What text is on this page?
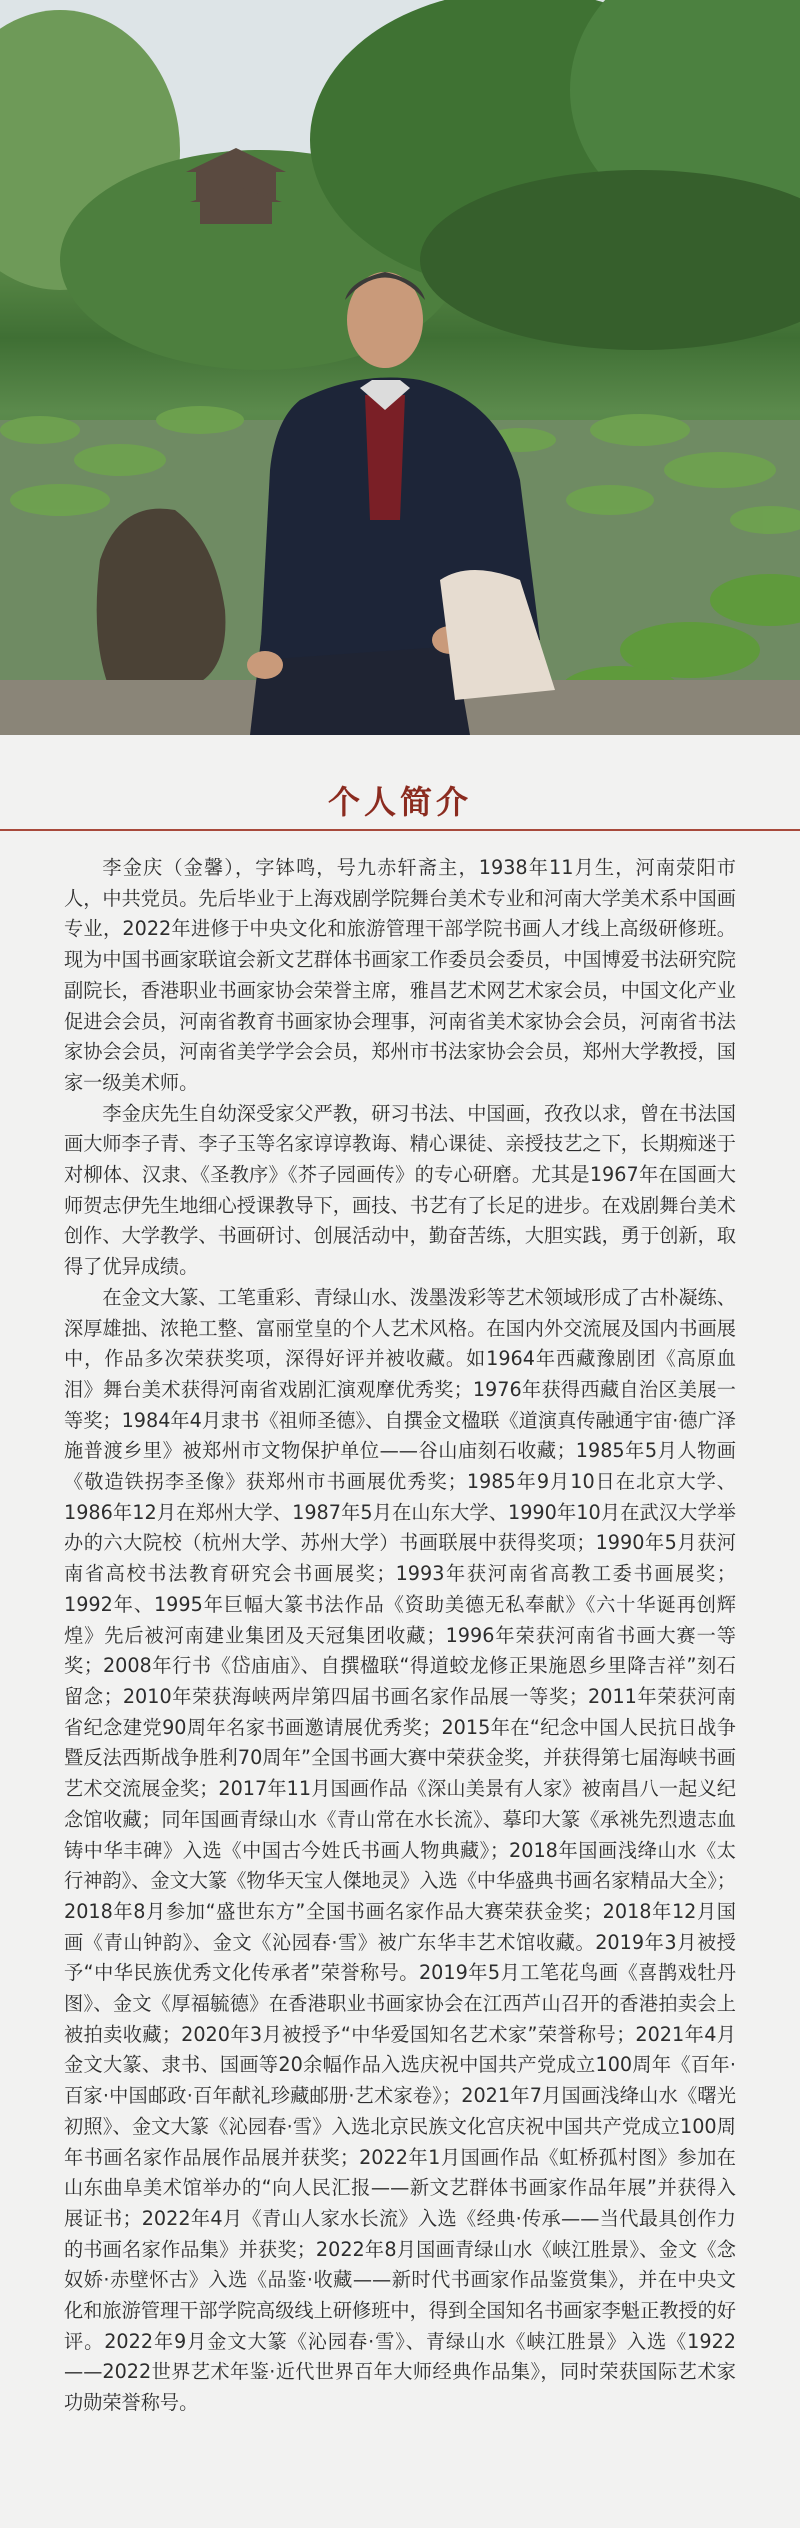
个人简介

李金庆（金馨），字钵鸣，号九赤轩斋主，1938年11月生，河南荥阳市人，中共党员。先后毕业于上海戏剧学院舞台美术专业和河南大学美术系中国画专业，2022年进修于中央文化和旅游管理干部学院书画人才线上高级研修班。现为中国书画家联谊会新文艺群体书画家工作委员会委员，中国博爱书法研究院副院长，香港职业书画家协会荣誉主席，雅昌艺术网艺术家会员，中国文化产业促进会会员，河南省教育书画家协会理事，河南省美术家协会会员，河南省书法家协会会员，河南省美学学会会员，郑州市书法家协会会员，郑州大学教授，国家一级美术师。

李金庆先生自幼深受家父严教，研习书法、中国画，孜孜以求，曾在书法国画大师李子青、李子玉等名家谆谆教诲、精心课徒、亲授技艺之下，长期痴迷于对柳体、汉隶、《圣教序》《芥子园画传》的专心研磨。尤其是1967年在国画大师贺志伊先生地细心授课教导下，画技、书艺有了长足的进步。在戏剧舞台美术创作、大学教学、书画研讨、创展活动中，勤奋苦练，大胆实践，勇于创新，取得了优异成绩。

在金文大篆、工笔重彩、青绿山水、泼墨泼彩等艺术领域形成了古朴凝练、深厚雄拙、浓艳工整、富丽堂皇的个人艺术风格。在国内外交流展及国内书画展中，作品多次荣获奖项，深得好评并被收藏。如1964年西藏豫剧团《高原血泪》舞台美术获得河南省戏剧汇演观摩优秀奖；1976年获得西藏自治区美展一等奖；1984年4月隶书《祖师圣德》、自撰金文楹联《道演真传融通宇宙·德广泽施普渡乡里》被郑州市文物保护单位——谷山庙刻石收藏；1985年5月人物画《敬造铁拐李圣像》获郑州市书画展优秀奖；1985年9月10日在北京大学、1986年12月在郑州大学、1987年5月在山东大学、1990年10月在武汉大学举办的六大院校（杭州大学、苏州大学）书画联展中获得奖项；1990年5月获河南省高校书法教育研究会书画展奖；1993年获河南省高教工委书画展奖；1992年、1995年巨幅大篆书法作品《资助美德无私奉献》《六十华诞再创辉煌》先后被河南建业集团及天冠集团收藏；1996年荣获河南省书画大赛一等奖；2008年行书《岱庙庙》、自撰楹联“得道蛟龙修正果施恩乡里降吉祥”刻石留念；2010年荣获海峡两岸第四届书画名家作品展一等奖；2011年荣获河南省纪念建党90周年名家书画邀请展优秀奖；2015年在“纪念中国人民抗日战争暨反法西斯战争胜利70周年”全国书画大赛中荣获金奖，并获得第七届海峡书画艺术交流展金奖；2017年11月国画作品《深山美景有人家》被南昌八一起义纪念馆收藏；同年国画青绿山水《青山常在水长流》、摹印大篆《承祧先烈遗志血铸中华丰碑》入选《中国古今姓氏书画人物典藏》；2018年国画浅绛山水《太行神韵》、金文大篆《物华天宝人傑地灵》入选《中华盛典书画名家精品大全》；2018年8月参加“盛世东方”全国书画名家作品大赛荣获金奖；2018年12月国画《青山钟韵》、金文《沁园春·雪》被广东华丰艺术馆收藏。2019年3月被授予“中华民族优秀文化传承者”荣誉称号。2019年5月工笔花鸟画《喜鹊戏牡丹图》、金文《厚福毓德》在香港职业书画家协会在江西芦山召开的香港拍卖会上被拍卖收藏；2020年3月被授予“中华爱国知名艺术家”荣誉称号；2021年4月金文大篆、隶书、国画等20余幅作品入选庆祝中国共产党成立100周年《百年·百家·中国邮政·百年献礼珍藏邮册·艺术家卷》；2021年7月国画浅绛山水《曙光初照》、金文大篆《沁园春·雪》入选北京民族文化宫庆祝中国共产党成立100周年书画名家作品展作品展并获奖；2022年1月国画作品《虹桥孤村图》参加在山东曲阜美术馆举办的“向人民汇报——新文艺群体书画家作品年展”并获得入展证书；2022年4月《青山人家水长流》入选《经典·传承——当代最具创作力的书画名家作品集》并获奖；2022年8月国画青绿山水《峡江胜景》、金文《念奴娇·赤壁怀古》入选《品鉴·收藏——新时代书画家作品鉴赏集》，并在中央文化和旅游管理干部学院高级线上研修班中，得到全国知名书画家李魁正教授的好评。2022年9月金文大篆《沁园春·雪》、青绿山水《峡江胜景》入选《1922——2022世界艺术年鉴·近代世界百年大师经典作品集》，同时荣获国际艺术家功勋荣誉称号。
